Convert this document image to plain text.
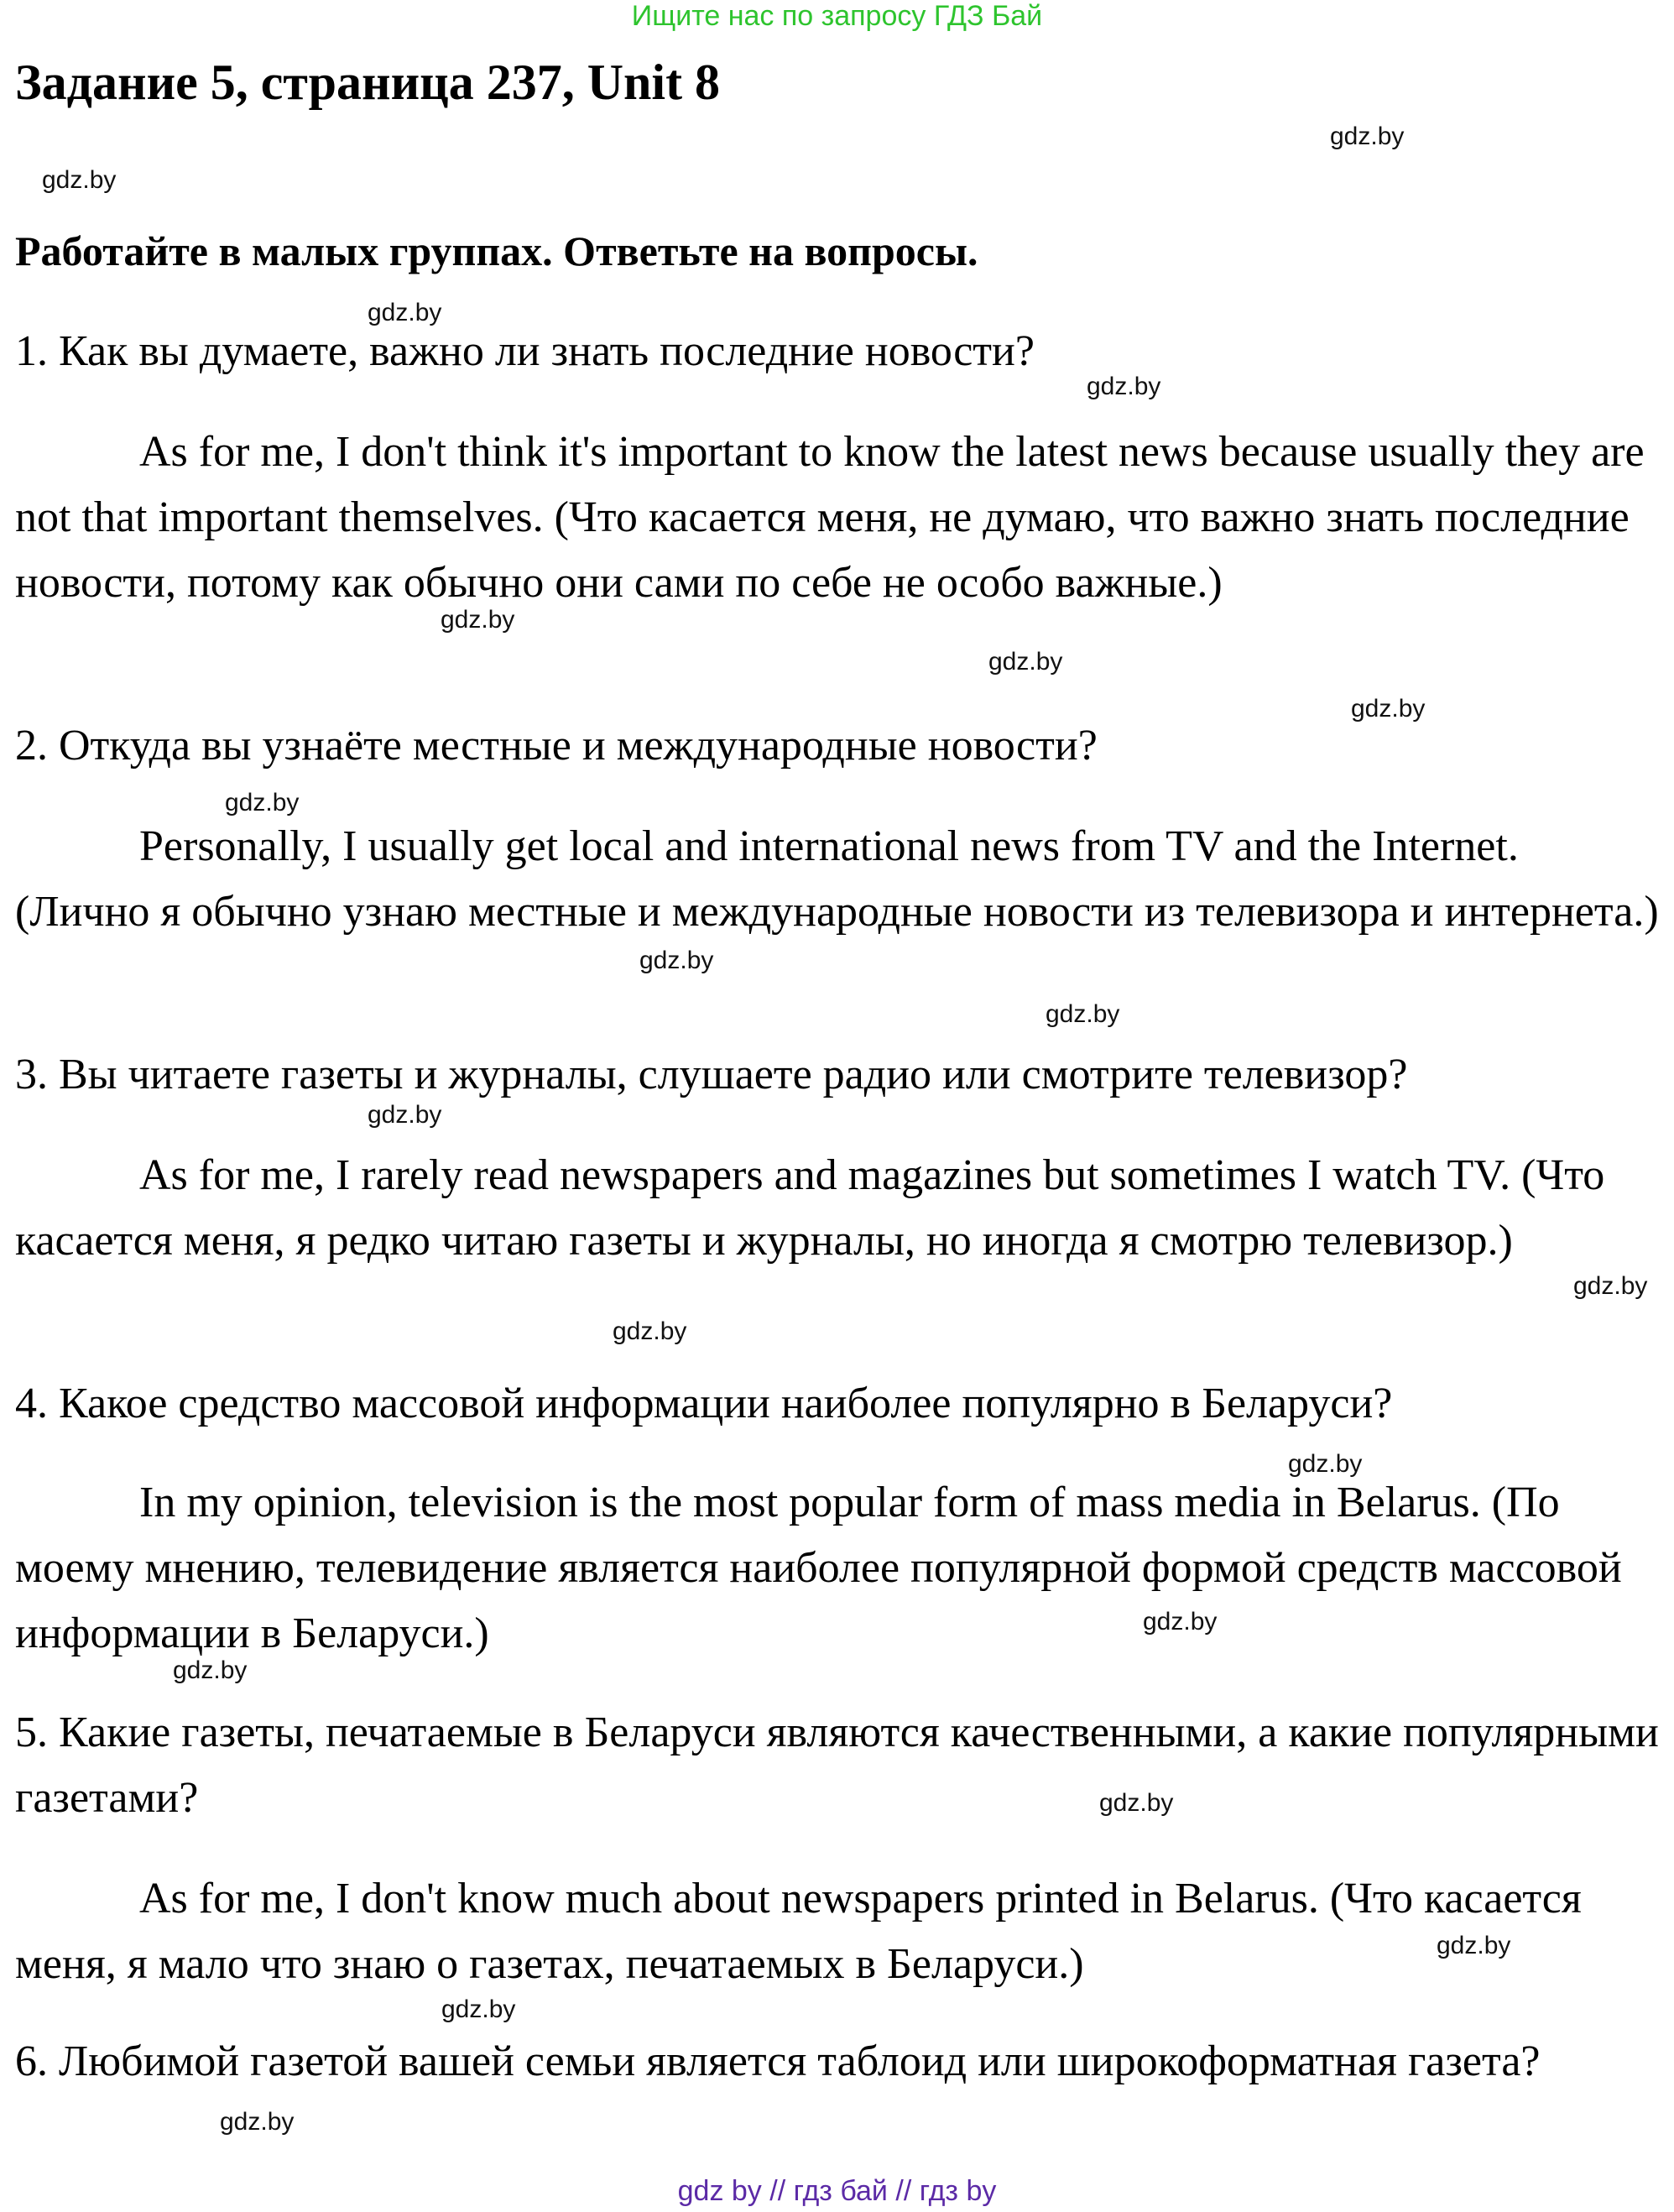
Ищите нас по запросу ГДЗ Бай
Задание 5, страница 237, Unit 8
Работайте в малых группах. Ответьте на вопросы.
1. Как вы думаете, важно ли знать последние новости?
As for me, I don't think it's important to know the latest news because usually they are not that important themselves. (Что касается меня, не думаю, что важно знать последние новости, потому как обычно они сами по себе не особо важные.)
2. Откуда вы узнаёте местные и международные новости?
Personally, I usually get local and international news from TV and the Internet. (Лично я обычно узнаю местные и международные новости из телевизора и интернета.)
3. Вы читаете газеты и журналы, слушаете радио или смотрите телевизор?
As for me, I rarely read newspapers and magazines but sometimes I watch TV. (Что касается меня, я редко читаю газеты и журналы, но иногда я смотрю телевизор.)
4. Какое средство массовой информации наиболее популярно в Беларуси?
In my opinion, television is the most popular form of mass media in Belarus. (По моему мнению, телевидение является наиболее популярной формой средств массовой информации в Беларуси.)
5. Какие газеты, печатаемые в Беларуси являются качественными, а какие популярными газетами?
As for me, I don't know much about newspapers printed in Belarus. (Что касается меня, я мало что знаю о газетах, печатаемых в Беларуси.)
6. Любимой газетой вашей семьи является таблоид или широкоформатная газета?
gdz.by
gdz.by
gdz.by
gdz.by
gdz.by
gdz.by
gdz.by
gdz.by
gdz.by
gdz.by
gdz.by
gdz.by
gdz.by
gdz.by
gdz.by
gdz.by
gdz.by
gdz.by
gdz.by
gdz.by
gdz by // гдз бай // гдз by
